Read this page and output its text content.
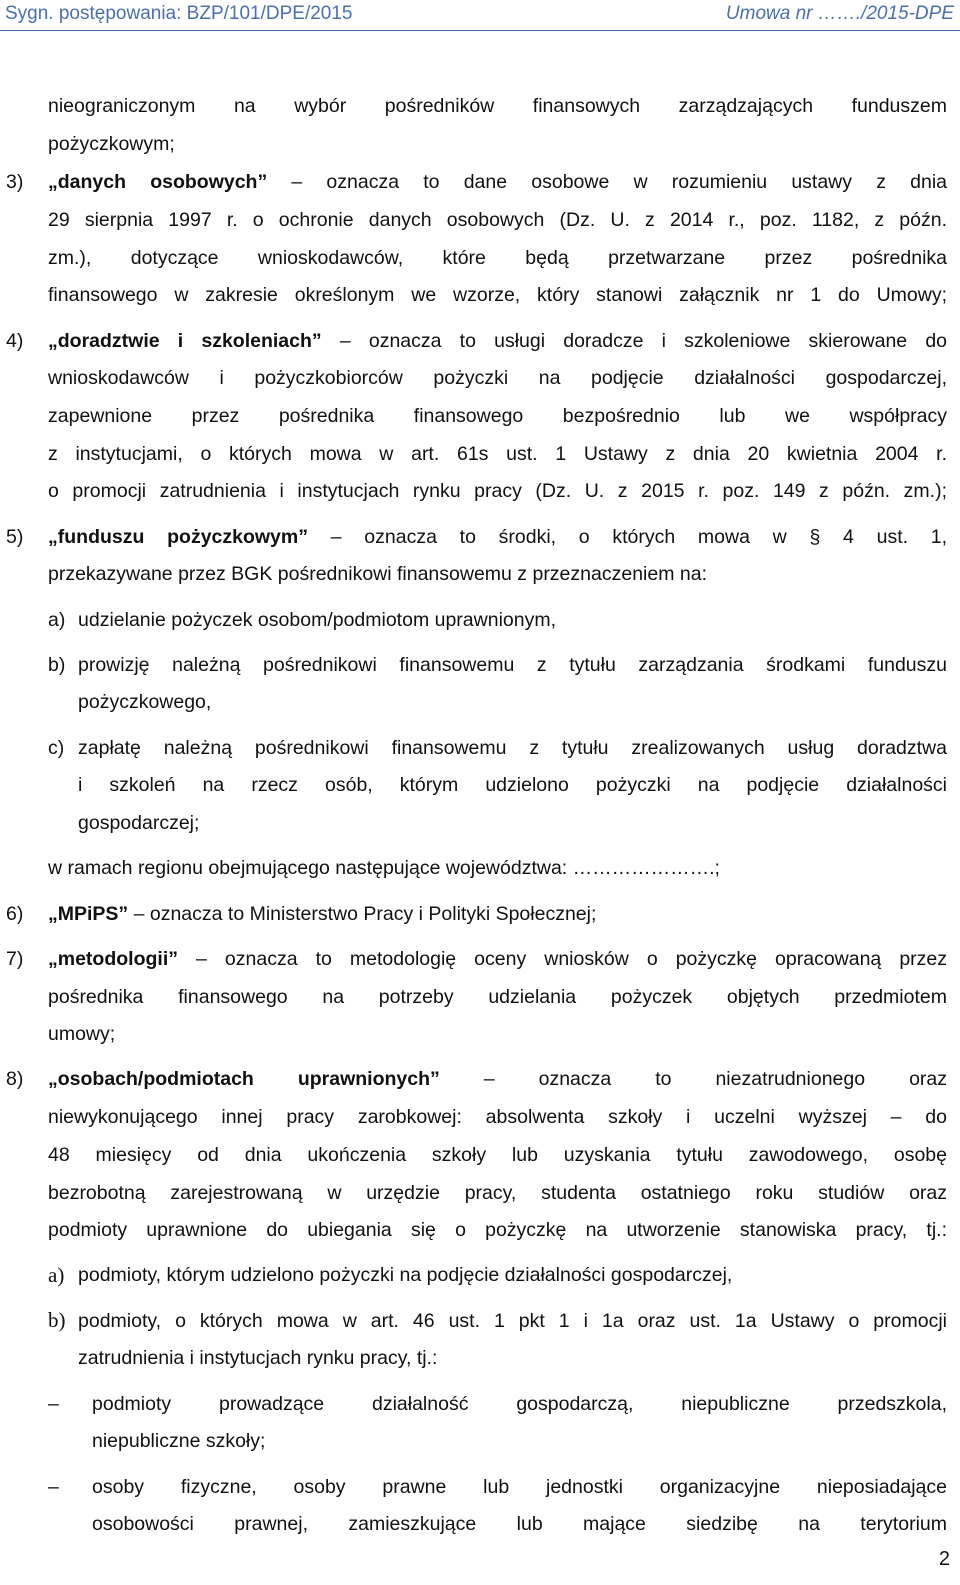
Sygn. postępowania: BZP/101/DPE/2015	Umowa nr ……./2015-DPE
nieograniczonym na wybór pośredników finansowych zarządzających funduszem
pożyczkowym;
3) „danych osobowych” – oznacza to dane osobowe w rozumieniu ustawy z dnia
29 sierpnia 1997 r. o ochronie danych osobowych (Dz. U. z 2014 r., poz. 1182, z późn.
zm.), dotyczące wnioskodawców, które będą przetwarzane przez pośrednika
finansowego w zakresie określonym we wzorze, który stanowi załącznik nr 1 do Umowy;
4) „doradztwie i szkoleniach” – oznacza to usługi doradcze i szkoleniowe skierowane do
wnioskodawców i pożyczkobiorców pożyczki na podjęcie działalności gospodarczej,
zapewnione przez pośrednika finansowego bezpośrednio lub we współpracy
z instytucjami, o których mowa w art. 61s ust. 1 Ustawy z dnia 20 kwietnia 2004 r.
o promocji zatrudnienia i instytucjach rynku pracy (Dz. U. z 2015 r. poz. 149 z późn. zm.);
5) „funduszu pożyczkowym” – oznacza to środki, o których mowa w § 4 ust. 1,
przekazywane przez BGK pośrednikowi finansowemu z przeznaczeniem na:
a) udzielanie pożyczek osobom/podmiotom uprawnionym,
b) prowizję należną pośrednikowi finansowemu z tytułu zarządzania środkami funduszu
pożyczkowego,
c) zapłatę należną pośrednikowi finansowemu z tytułu zrealizowanych usług doradztwa
i szkoleń na rzecz osób, którym udzielono pożyczki na podjęcie działalności
gospodarczej;
w ramach regionu obejmującego następujące województwa: ………………….;
6) „MPiPS” – oznacza to Ministerstwo Pracy i Polityki Społecznej;
7) „metodologii” – oznacza to metodologię oceny wniosków o pożyczkę opracowaną przez
pośrednika finansowego na potrzeby udzielania pożyczek objętych przedmiotem
umowy;
8) „osobach/podmiotach uprawnionych” – oznacza to niezatrudnionego oraz
niewykonującego innej pracy zarobkowej: absolwenta szkoły i uczelni wyższej – do
48 miesięcy od dnia ukończenia szkoły lub uzyskania tytułu zawodowego, osobę
bezrobotną zarejestrowaną w urzędzie pracy, studenta ostatniego roku studiów oraz
podmioty uprawnione do ubiegania się o pożyczkę na utworzenie stanowiska pracy, tj.:
a) podmioty, którym udzielono pożyczki na podjęcie działalności gospodarczej,
b) podmioty, o których mowa w art. 46 ust. 1 pkt 1 i 1a oraz ust. 1a Ustawy o promocji
zatrudnienia i instytucjach rynku pracy, tj.:
– podmioty prowadzące działalność gospodarczą, niepubliczne przedszkola,
niepubliczne szkoły;
– osoby fizyczne, osoby prawne lub jednostki organizacyjne nieposiadające
osobowości prawnej, zamieszkujące lub mające siedzibę na terytorium
2
